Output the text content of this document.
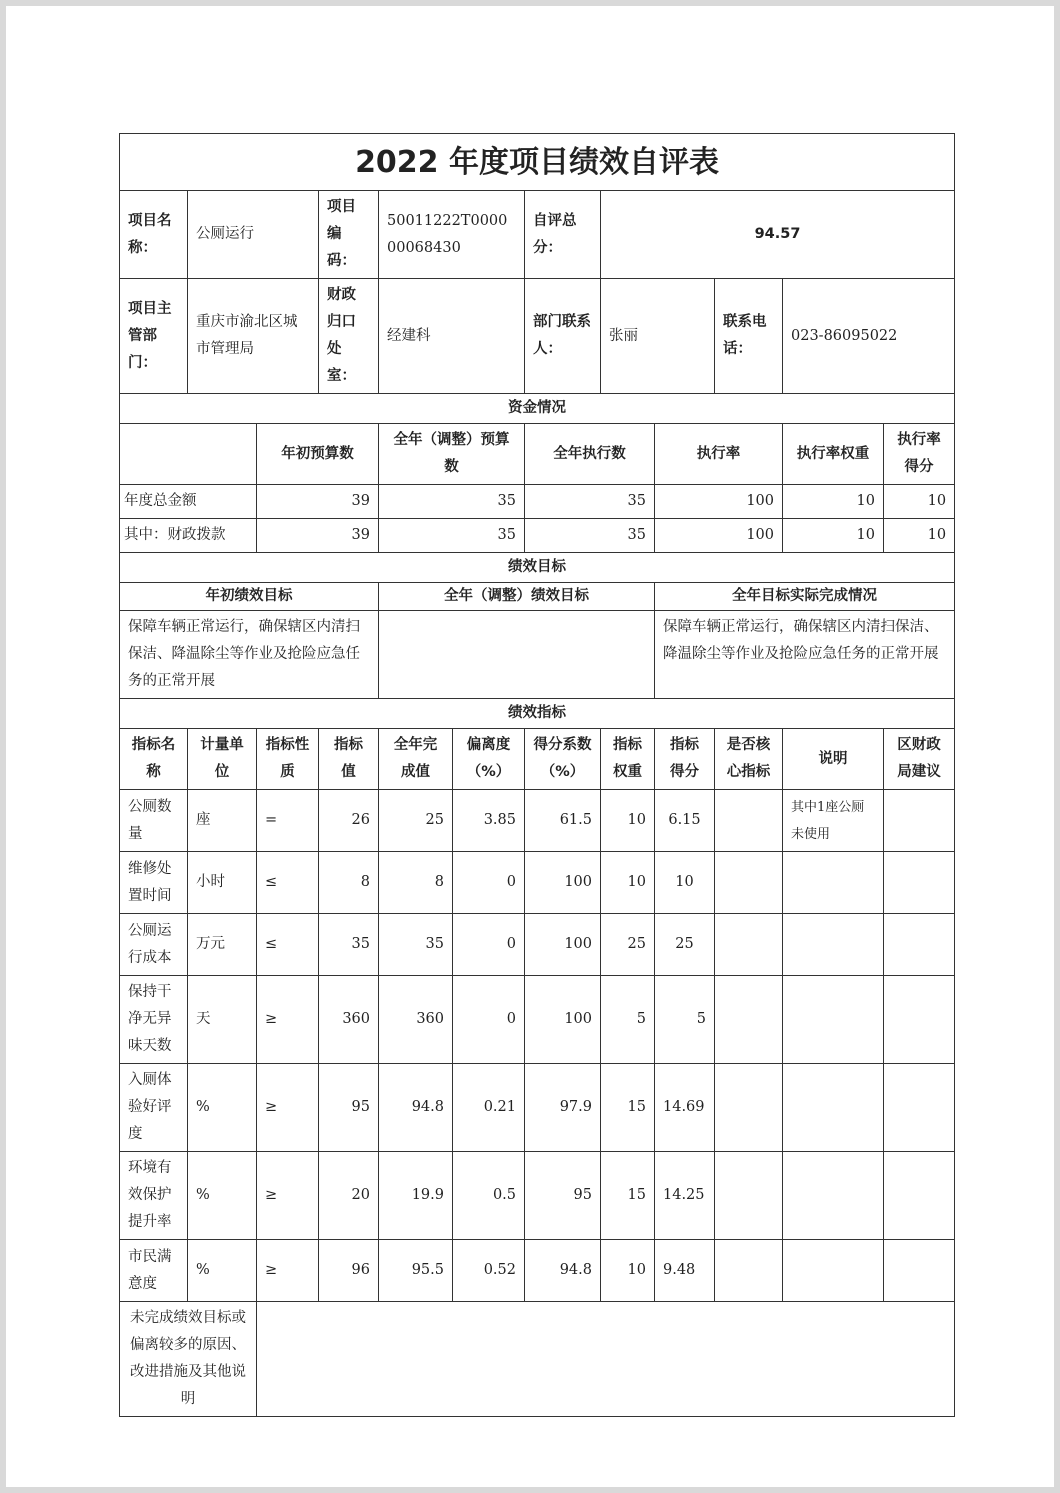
2022 年度项目绩效自评表											
项目名称：	公厕运行		项目编码：	50011222T000000068430		自评总分：	94.57				
项目主管部门：	重庆市渝北区城市管理局		财政归口处室：	经建科		部门联系人：	张丽		联系电话：	023-86095022	
资金情况											
		年初预算数		全年（调整）预算数		全年执行数		执行率		执行率权重	执行率得分
年度总金额		39		35		35		100		10	10
其中：财政拨款		39		35		35		100		10	10
绩效目标											
年初绩效目标				全年（调整）绩效目标				全年目标实际完成情况			
保障车辆正常运行，确保辖区内清扫保洁、降温除尘等作业及抢险应急任务的正常开展								保障车辆正常运行，确保辖区内清扫保洁、降温除尘等作业及抢险应急任务的正常开展			
绩效指标											
指标名称	计量单位	指标性质	指标值	全年完成值	偏离度（%）	得分系数（%）	指标权重	指标得分	是否核心指标	说明	区财政局建议
公厕数量	座	=	26	25	3.85	61.5	10	6.15		其中1座公厕未使用	
维修处置时间	小时	≤	8	8	0	100	10	10			
公厕运行成本	万元	≤	35	35	0	100	25	25			
保持干净无异味天数	天	≥	360	360	0	100	5	5			
入厕体验好评度	%	≥	95	94.8	0.21	97.9	15	14.69			
环境有效保护提升率	%	≥	20	19.9	0.5	95	15	14.25			
市民满意度	%	≥	96	95.5	0.52	94.8	10	9.48			
未完成绩效目标或偏离较多的原因、改进措施及其他说明											
